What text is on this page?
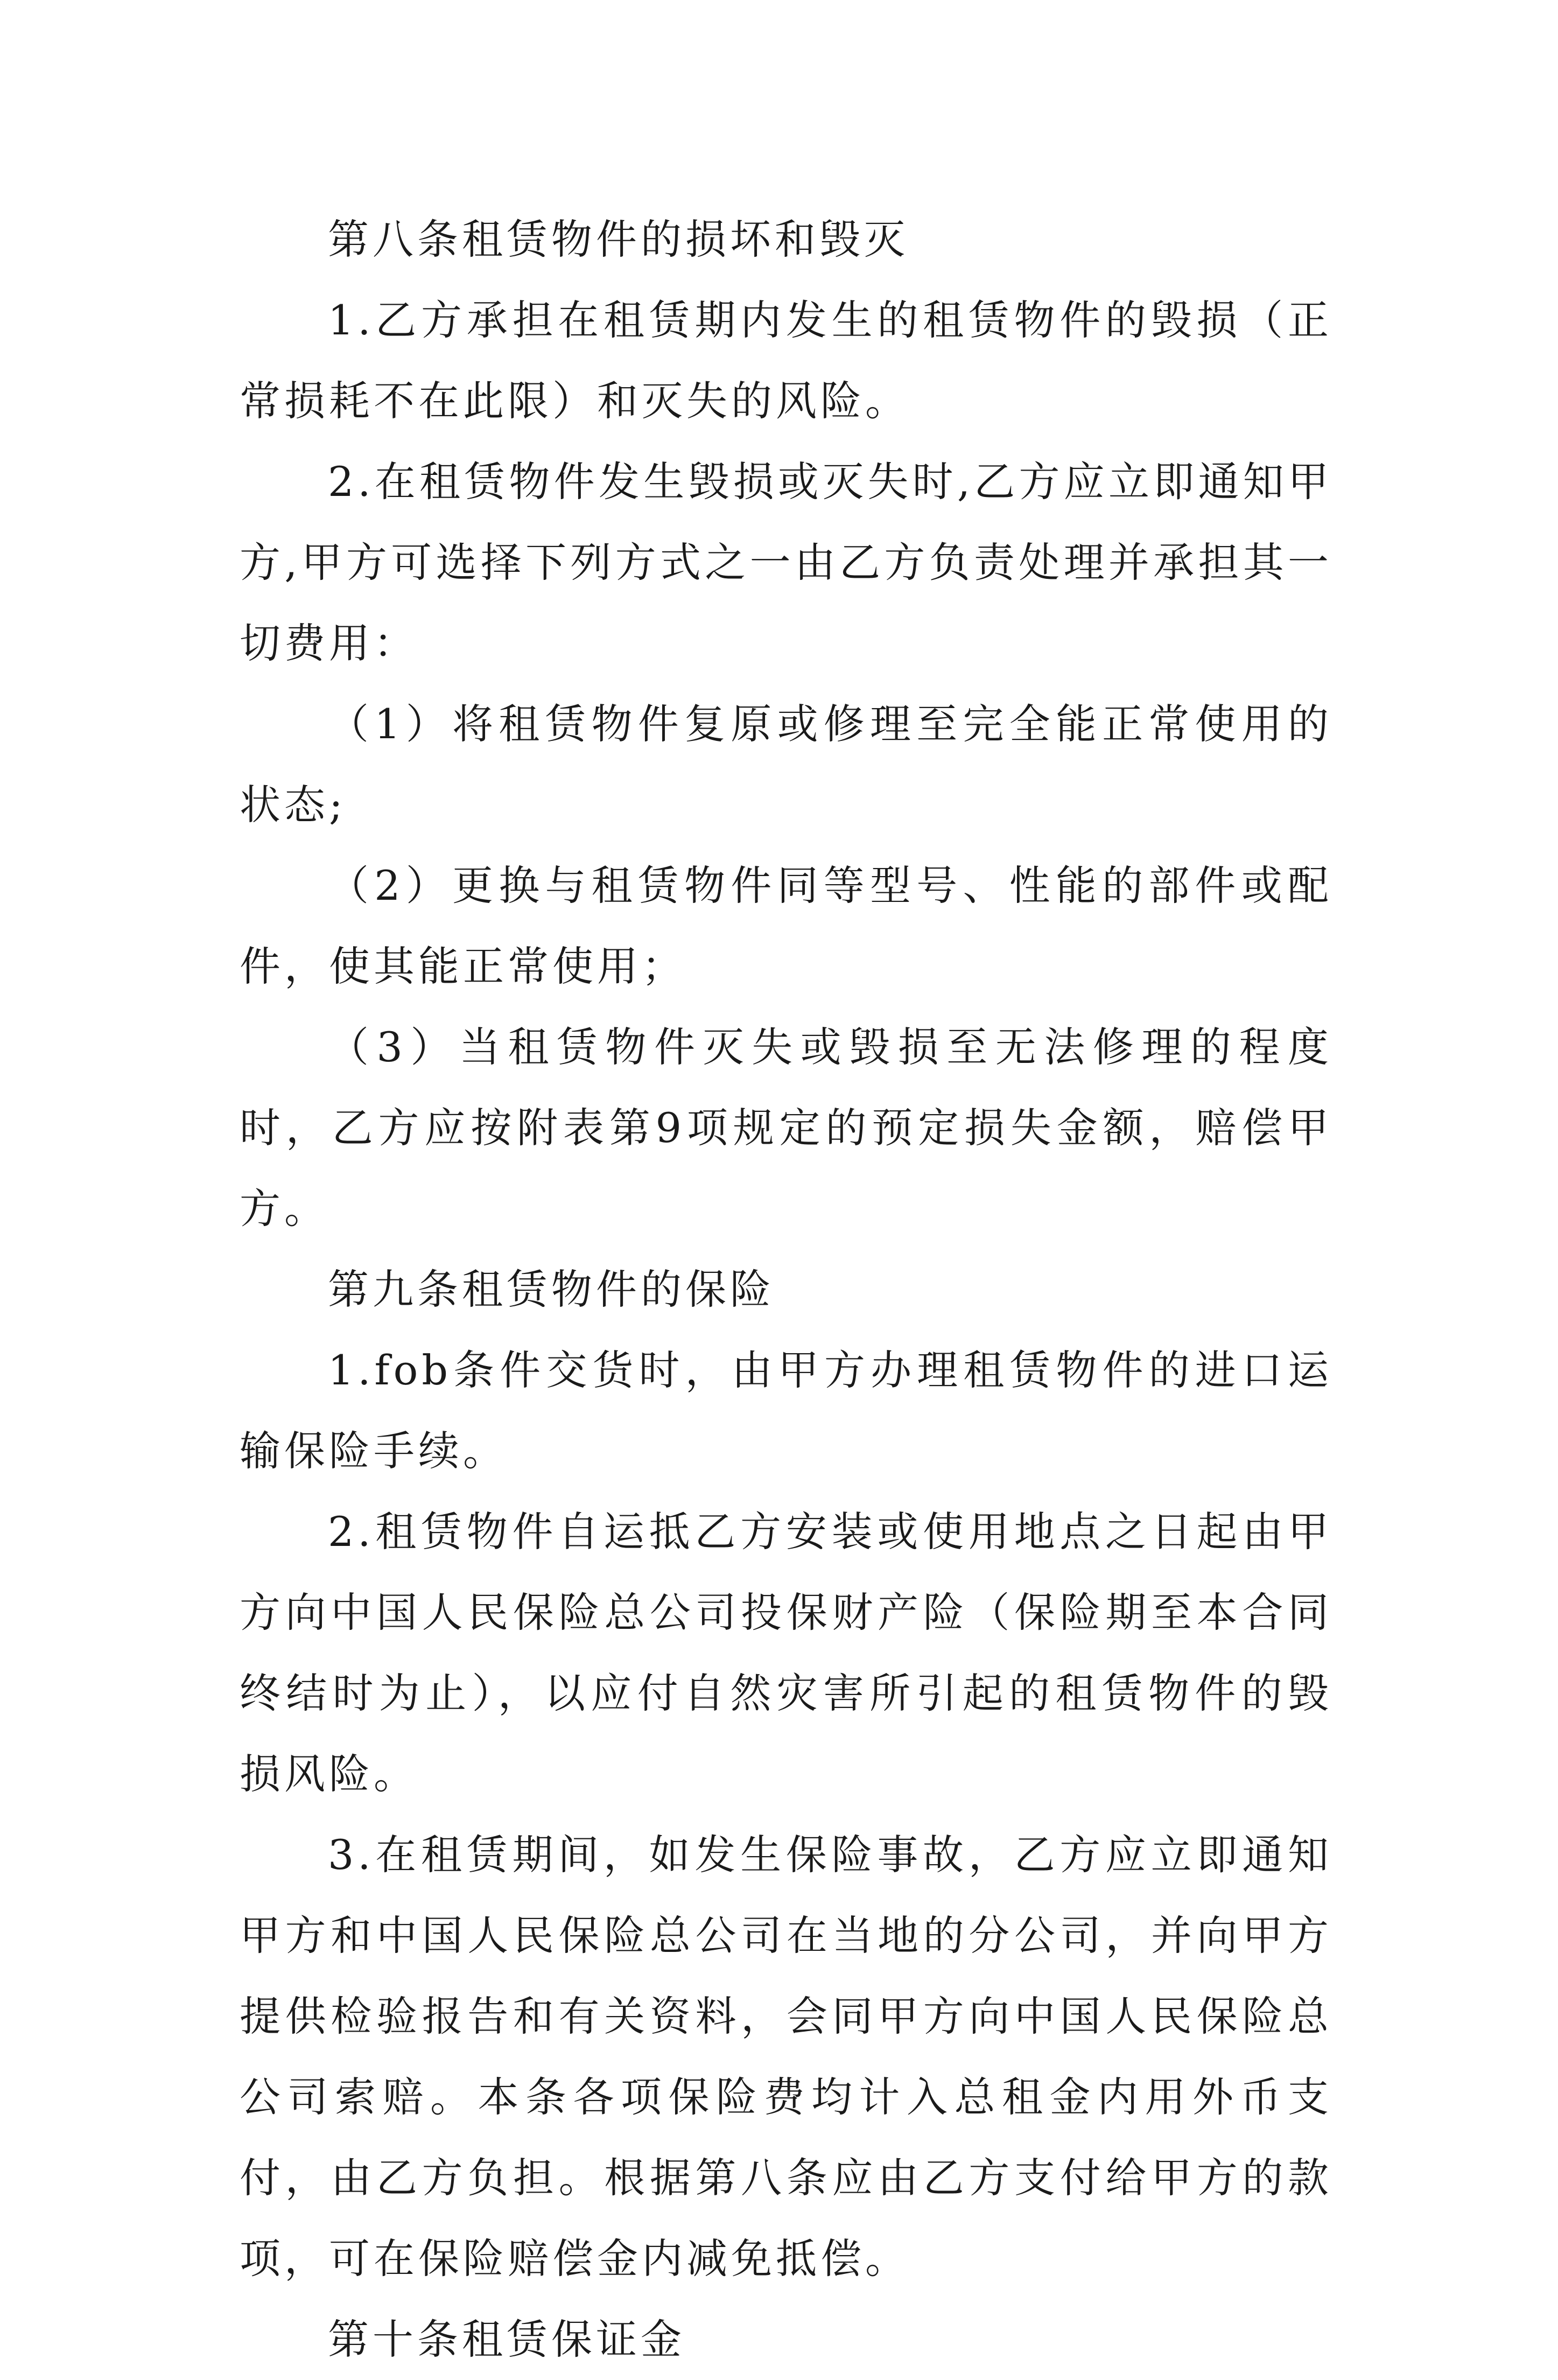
第八条租赁物件的损坏和毁灭

1.乙方承担在租赁期内发生的租赁物件的毁损（正常损耗不在此限）和灭失的风险。

2.在租赁物件发生毁损或灭失时,乙方应立即通知甲方,甲方可选择下列方式之一由乙方负责处理并承担其一切费用：

（1）将租赁物件复原或修理至完全能正常使用的状态;

（2）更换与租赁物件同等型号、性能的部件或配件，使其能正常使用；

（3）当租赁物件灭失或毁损至无法修理的程度时，乙方应按附表第9项规定的预定损失金额，赔偿甲方。

第九条租赁物件的保险

1.fob条件交货时，由甲方办理租赁物件的进口运输保险手续。

2.租赁物件自运抵乙方安装或使用地点之日起由甲方向中国人民保险总公司投保财产险（保险期至本合同终结时为止），以应付自然灾害所引起的租赁物件的毁损风险。

3.在租赁期间，如发生保险事故，乙方应立即通知甲方和中国人民保险总公司在当地的分公司，并向甲方提供检验报告和有关资料，会同甲方向中国人民保险总公司索赔。本条各项保险费均计入总租金内用外币支付，由乙方负担。根据第八条应由乙方支付给甲方的款项，可在保险赔偿金内减免抵偿。

第十条租赁保证金
